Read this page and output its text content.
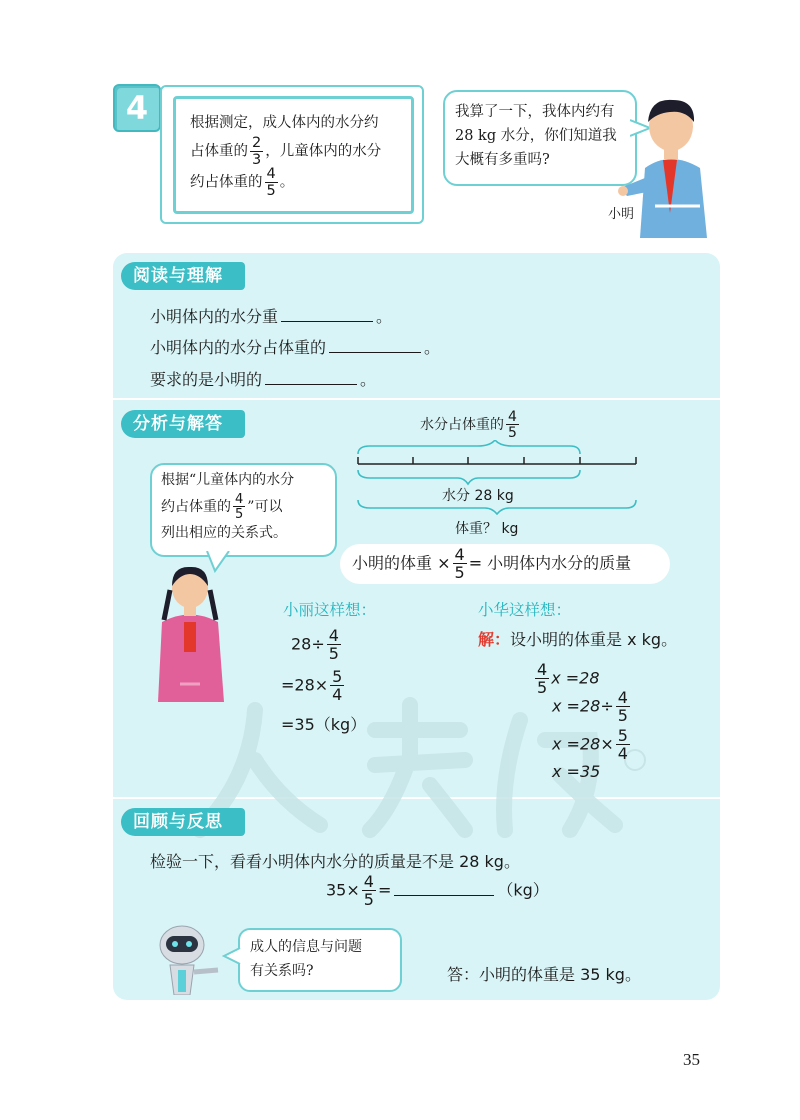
4	根据测定，成人体内的水分约
占体重的 $\frac{2}{3}$ ，儿童体内的水分
约占体重的 $\frac{4}{5}$ 。
我算了一下，我体内约有
28 kg 水分，你们知道我
大概有多重吗?
小明
阅读与理解
小明体内的水分重	。
小明体内的水分占体重的	。
要求的是小明的	。
分析与解答	水分占体重的 $\frac{4}{5}$
水分 28 kg
体重？ kg
根据“儿童体内的水分
约占体重的 $\frac{4}{5}$ ”可以
列出相应的关系式。
小明的体重 × $\frac{4}{5}$ = 小明体内水分的质量
小丽这样想：
$28\div \frac{4}{5}$
$=28\times \frac{5}{4}$
=35（kg）
小华这样想：
解：设小明的体重是 x kg。
$\frac{4}{5}$ x =28
$x =28\div \frac{4}{5}$
$x =28\times \frac{5}{4}$
x =35
回顾与反思
检验一下，看看小明体内水分的质量是不是 28 kg。
$35\times \frac{4}{5}$ =	（kg）
成人的信息与问题
有关系吗?	答：小明的体重是 35 kg。
35
